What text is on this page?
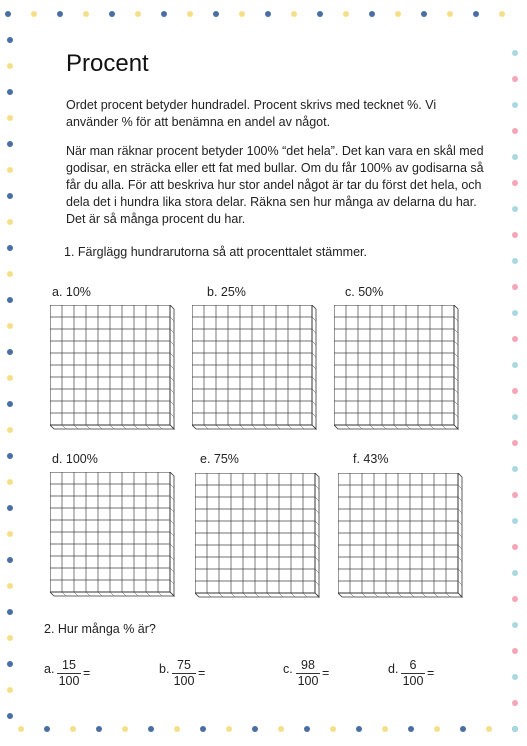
Procent

Ordet procent betyder hundradel. Procent skrivs med tecknet %. Vi använder % för att benämna en andel av något.

När man räknar procent betyder 100% “det hela”. Det kan vara en skål med godisar, en sträcka eller ett fat med bullar. Om du får 100% av godisarna så får du alla. För att beskriva hur stor andel något är tar du först det hela, och dela det i hundra lika stora delar. Räkna sen hur många av delarna du har. Det är så många procent du har.

1. Färglägg hundrarutorna så att procenttalet stämmer.
a. 10%	b. 25%	c. 50%
d. 100%	e. 75%	f. 43%
2. Hur många % är?
a. 15
100
=	b. 75
100
=	c. 98
100
=	d. 6
100
=
